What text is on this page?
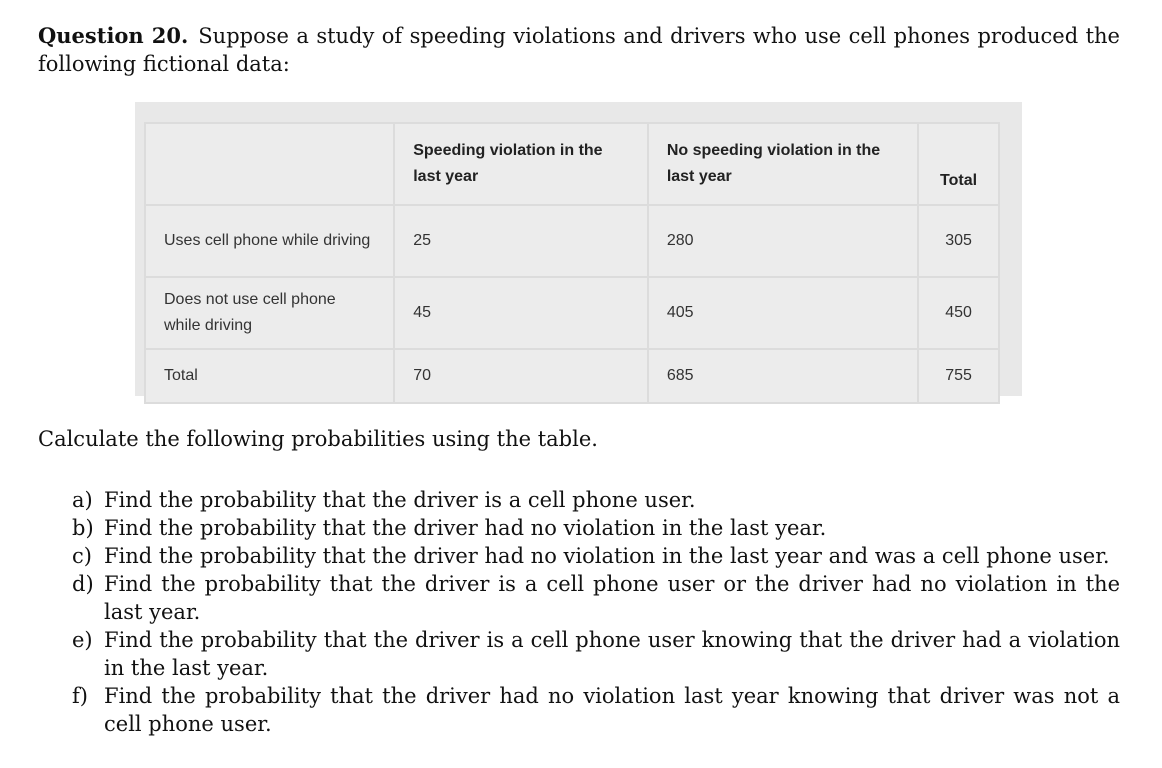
Question 20. Suppose a study of speeding violations and drivers who use cell phones produced the following fictional data:
	Speeding violation in the last year	No speeding violation in the last year	Total
Uses cell phone while driving	25	280	305
Does not use cell phone while driving	45	405	450
Total	70	685	755
Calculate the following probabilities using the table.
a) Find the probability that the driver is a cell phone user.
b) Find the probability that the driver had no violation in the last year.
c) Find the probability that the driver had no violation in the last year and was a cell phone user.
d) Find the probability that the driver is a cell phone user or the driver had no violation in the last year.
e) Find the probability that the driver is a cell phone user knowing that the driver had a violation in the last year.
f) Find the probability that the driver had no violation last year knowing that driver was not a cell phone user.
